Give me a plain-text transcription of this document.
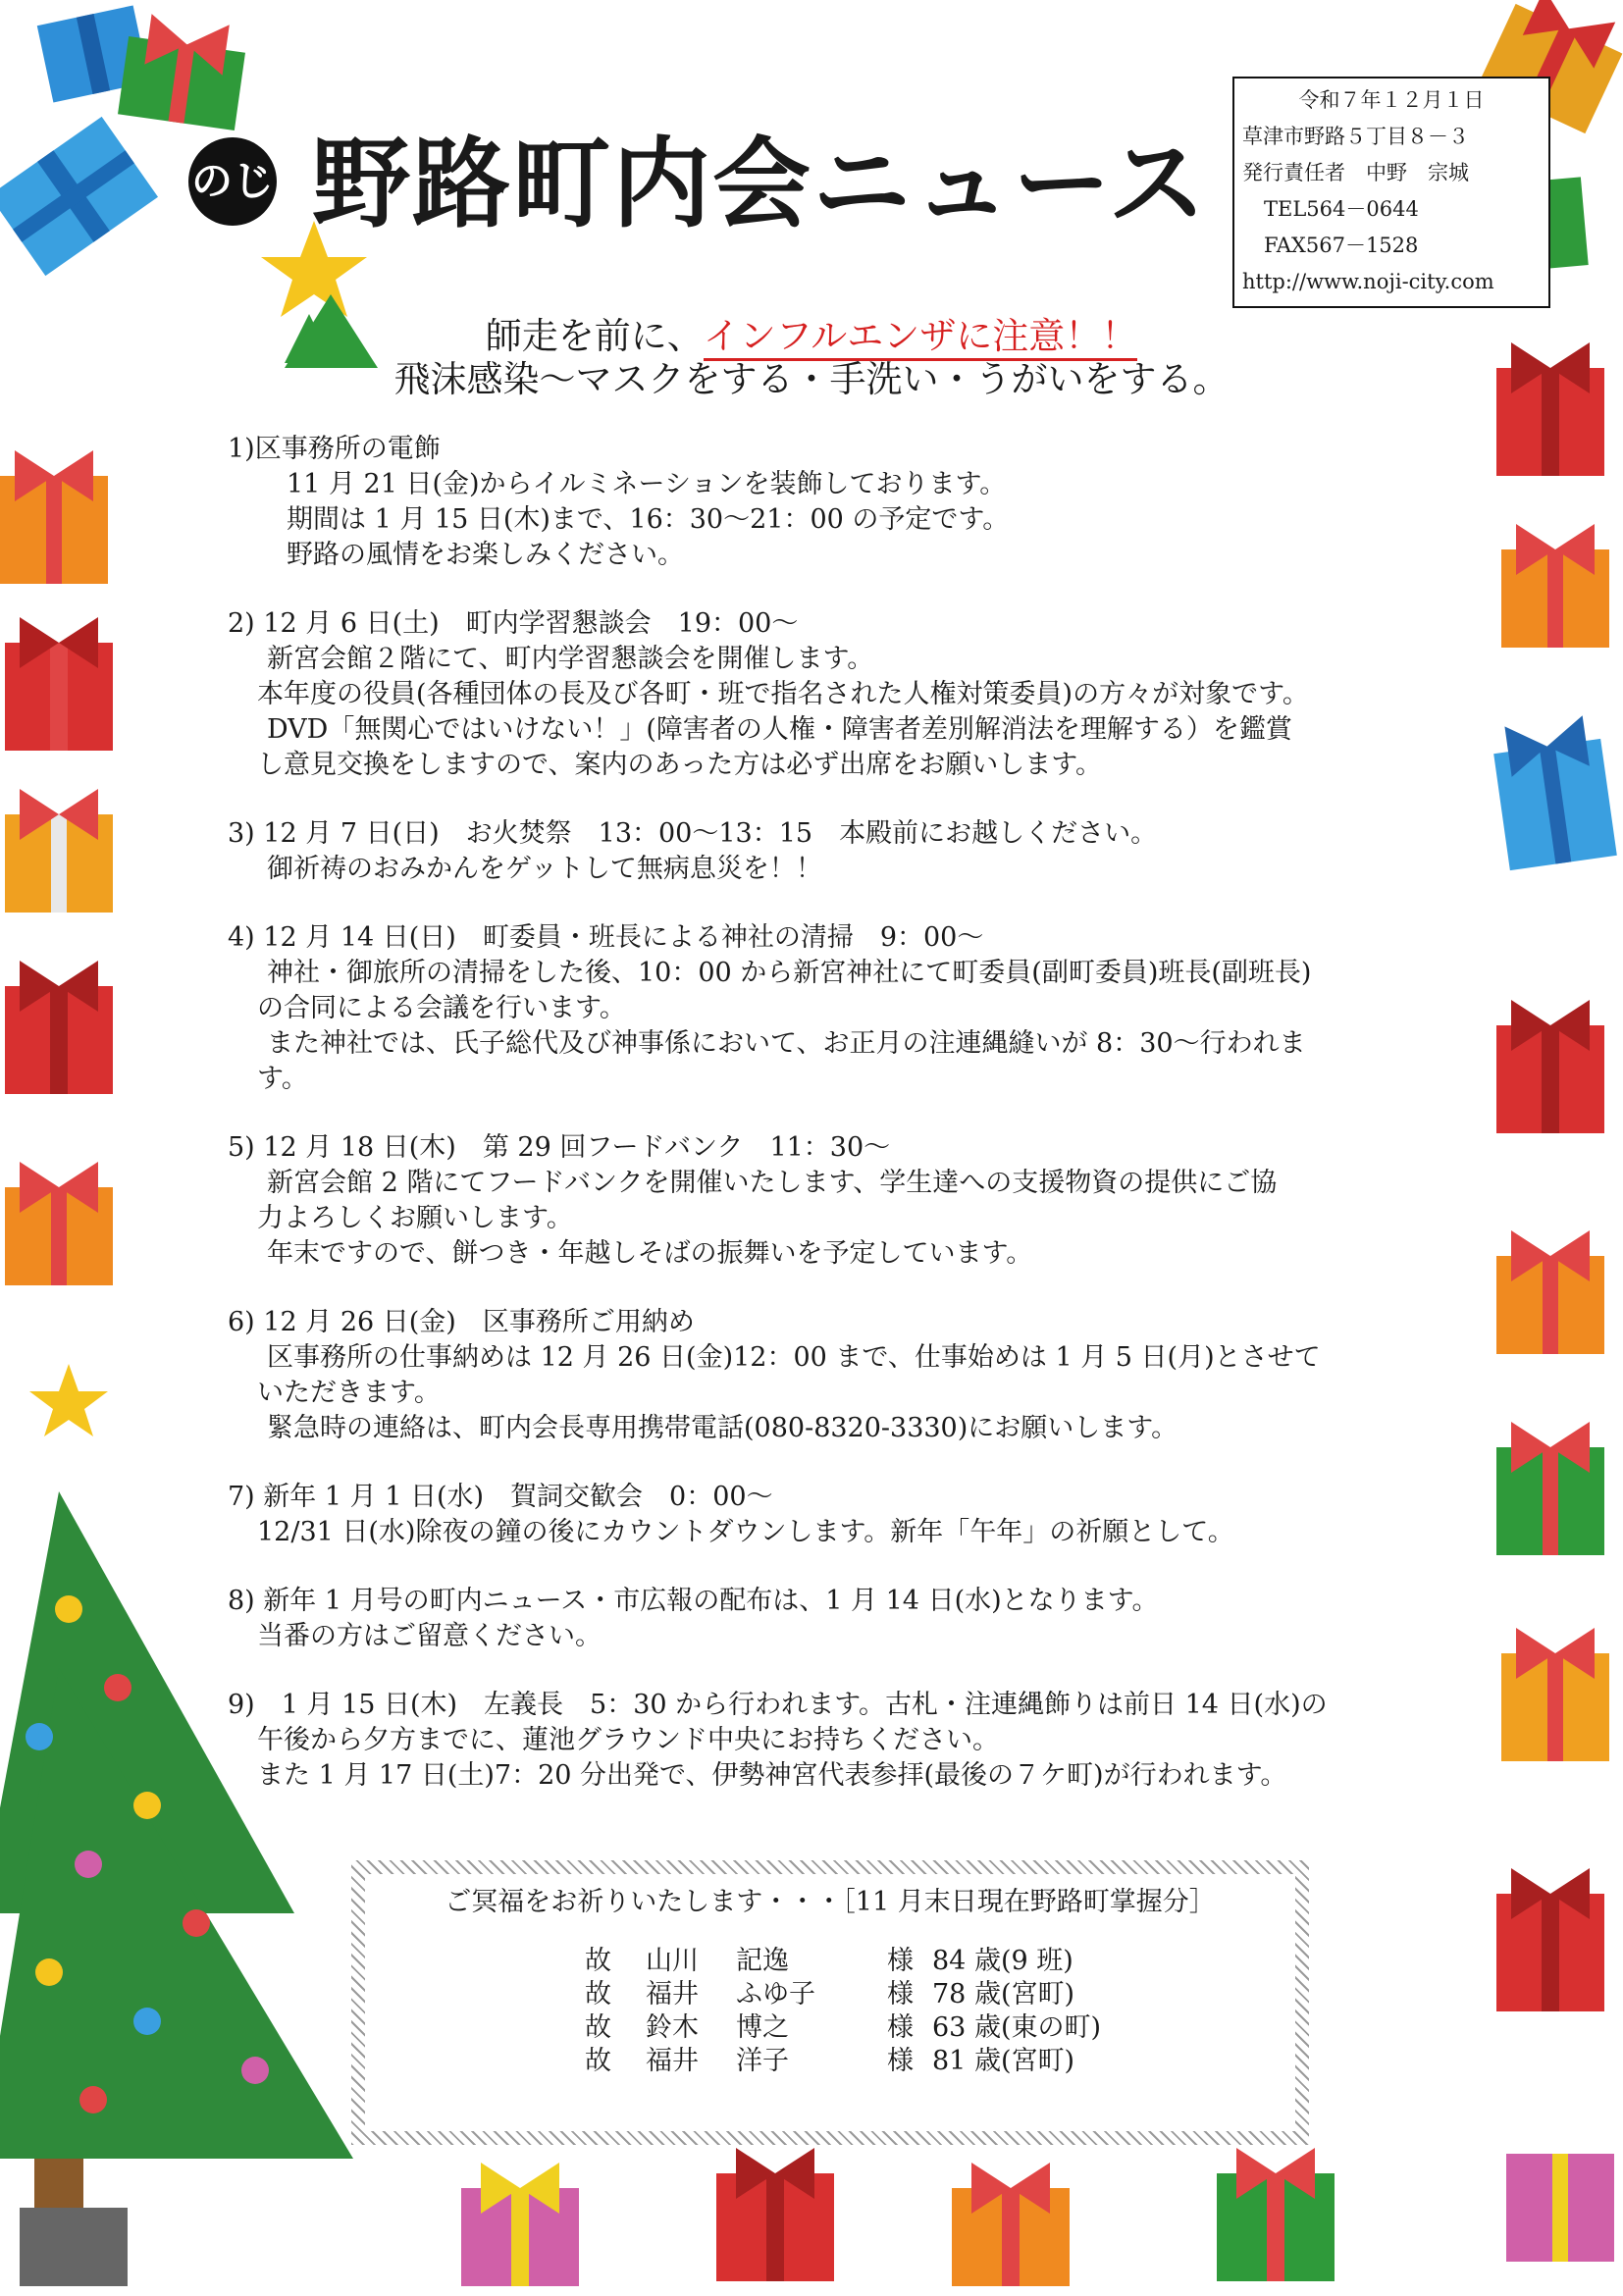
のじ 野路町内会ニュース
令和７年１２月１日
草津市野路５丁目８－３
発行責任者　中野　宗城
TEL564－0644
FAX567－1528
http://www.noji-city.com
師走を前に、インフルエンザに注意！！
飛沫感染～マスクをする・手洗い・うがいをする。
1)区事務所の電飾
11 月 21 日(金)からイルミネーションを装飾しております。
期間は 1 月 15 日(木)まで、16：30～21：00 の予定です。
野路の風情をお楽しみください。
2) 12 月 6 日(土)　町内学習懇談会　19：00～
新宮会館２階にて、町内学習懇談会を開催します。
本年度の役員(各種団体の長及び各町・班で指名された人権対策委員)の方々が対象です。
DVD「無関心ではいけない！」(障害者の人権・障害者差別解消法を理解する）を鑑賞
し意見交換をしますので、案内のあった方は必ず出席をお願いします。
3) 12 月 7 日(日)　お火焚祭　13：00～13：15　本殿前にお越しください。
御祈祷のおみかんをゲットして無病息災を！！
4) 12 月 14 日(日)　町委員・班長による神社の清掃　9：00～
神社・御旅所の清掃をした後、10：00 から新宮神社にて町委員(副町委員)班長(副班長)
の合同による会議を行います。
また神社では、氏子総代及び神事係において、お正月の注連縄縫いが 8：30～行われま
す。
5) 12 月 18 日(木)　第 29 回フードバンク　11：30～
新宮会館 2 階にてフードバンクを開催いたします、学生達への支援物資の提供にご協
力よろしくお願いします。
年末ですので、餅つき・年越しそばの振舞いを予定しています。
6) 12 月 26 日(金)　区事務所ご用納め
区事務所の仕事納めは 12 月 26 日(金)12：00 まで、仕事始めは 1 月 5 日(月)とさせて
いただきます。
緊急時の連絡は、町内会長専用携帯電話(080-8320-3330)にお願いします。
7) 新年 1 月 1 日(水)　賀詞交歓会　0：00～
12/31 日(水)除夜の鐘の後にカウントダウンします。新年「午年」の祈願として。
8) 新年 1 月号の町内ニュース・市広報の配布は、1 月 14 日(水)となります。
当番の方はご留意ください。
9)　1 月 15 日(木)　左義長　5：30 から行われます。古札・注連縄飾りは前日 14 日(水)の
午後から夕方までに、蓮池グラウンド中央にお持ちください。
また 1 月 17 日(土)7：20 分出発で、伊勢神宮代表参拝(最後の７ケ町)が行われます。
ご冥福をお祈りいたします・・・［11 月末日現在野路町掌握分］
故	山川	記逸	様	84 歳(9 班)
故	福井	ふゆ子	様	78 歳(宮町)
故	鈴木	博之	様	63 歳(東の町)
故	福井	洋子	様	81 歳(宮町)
